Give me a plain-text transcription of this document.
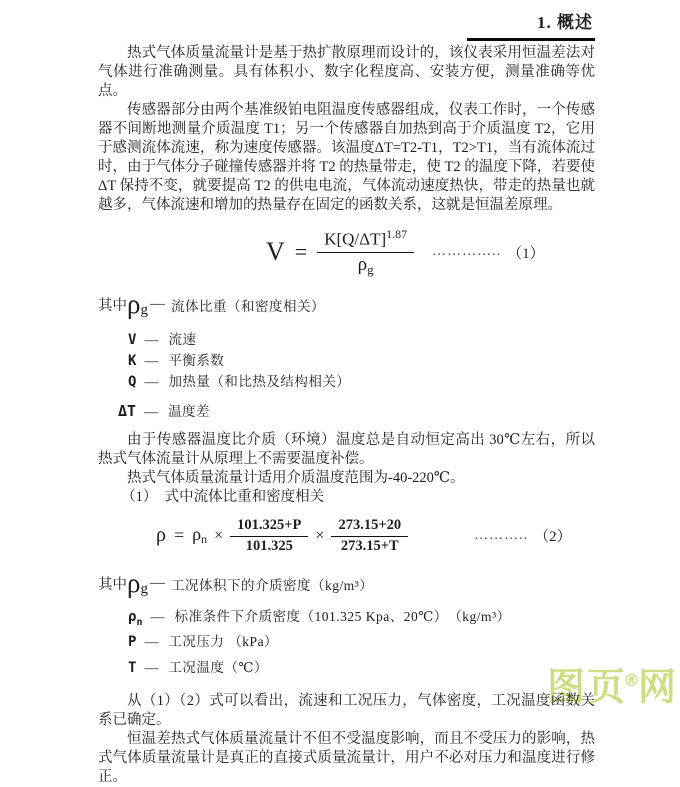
图页®网
1. 概述

热式气体质量流量计是基于热扩散原理而设计的，该仪表采用恒温差法对气体进行准确测量。具有体积小、数字化程度高、安装方便，测量准确等优点。

传感器部分由两个基准级铂电阻温度传感器组成，仪表工作时，一个传感器不间断地测量介质温度 T1；另一个传感器自加热到高于介质温度 T2，它用于感测流体流速，称为速度传感器。该温度ΔT=T2-T1，T2>T1，当有流体流过时，由于气体分子碰撞传感器并将 T2 的热量带走，使 T2 的温度下降，若要使ΔT 保持不变，就要提高 T2 的供电电流，气体流动速度热快，带走的热量也就越多，气体流速和增加的热量存在固定的函数关系，这就是恒温差原理。

$V = \frac{K[Q/\Delta T]^{1.87}}{\rho_g}$ ………….. （1）
其中 ρ g — 流体比重（和密度相关）
V — 流速
K — 平衡系数
Q — 加热量（和比热及结构相关）
ΔT — 温度差

由于传感器温度比介质（环境）温度总是自动恒定高出 30℃左右，所以热式气体流量计从原理上不需要温度补偿。

热式气体质量流量计适用介质温度范围为-40-220℃。

（1）　式中流体比重和密度相关

$\rho = \rho_n \times \frac{101.325+P}{101.325} \times \frac{273.15+20}{273.15+T}$	……….. （2）
其中 ρ g — 工况体积下的介质密度（kg/m³）
$\rho_n$ — 标准条件下介质密度（101.325 Kpa、20℃）　（kg/m³）
P — 工况压力 （kPa）
T — 工况温度（℃）

从（1）（2）式可以看出，流速和工况压力，气体密度，工况温度函数关系已确定。

恒温差热式气体质量流量计不但不受温度影响，而且不受压力的影响，热式气体质量流量计是真正的直接式质量流量计，用户不必对压力和温度进行修正。
